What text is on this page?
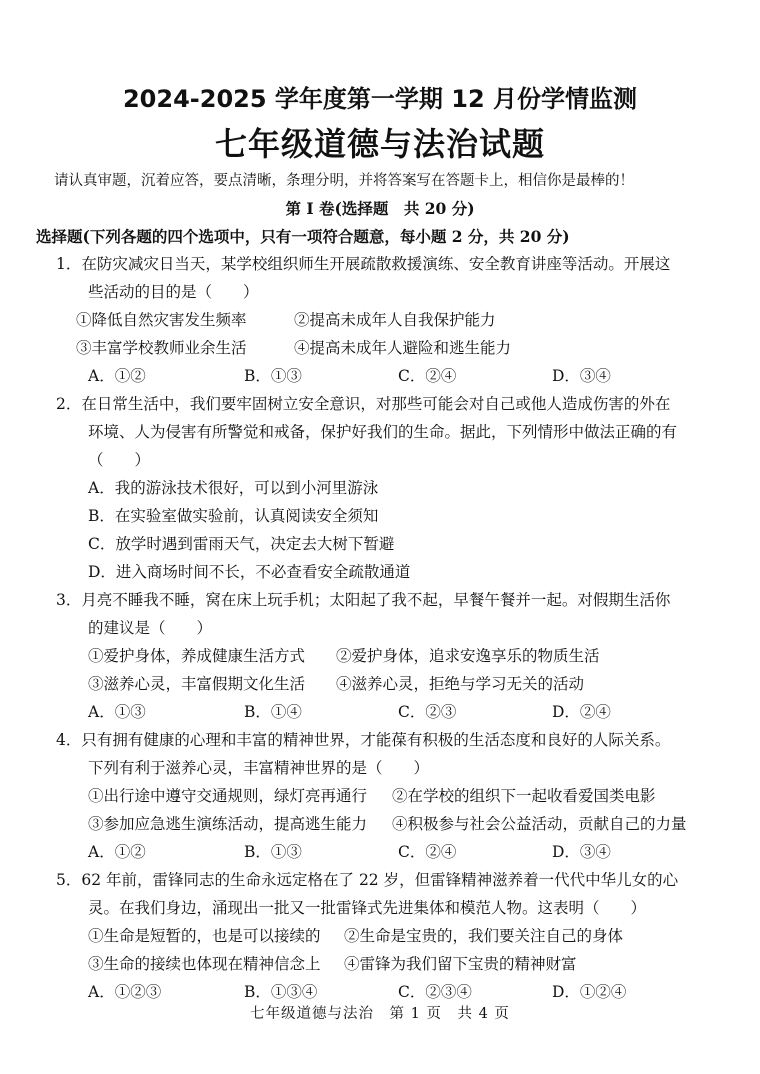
2024-2025 学年度第一学期 12 月份学情监测
七年级道德与法治试题
请认真审题，沉着应答，要点清晰，条理分明，并将答案写在答题卡上，相信你是最棒的！
第 I 卷(选择题　共 20 分)
选择题(下列各题的四个选项中，只有一项符合题意，每小题 2 分，共 20 分)
1．在防灾减灾日当天，某学校组织师生开展疏散救援演练、安全教育讲座等活动。开展这
些活动的目的是（　　）
①降低自然灾害发生频率	②提高未成年人自我保护能力
③丰富学校教师业余生活	④提高未成年人避险和逃生能力
A．①②	B．①③	C．②④	D．③④
2．在日常生活中，我们要牢固树立安全意识，对那些可能会对自己或他人造成伤害的外在
环境、人为侵害有所警觉和戒备，保护好我们的生命。据此，下列情形中做法正确的有
（　　）
A．我的游泳技术很好，可以到小河里游泳
B．在实验室做实验前，认真阅读安全须知
C．放学时遇到雷雨天气，决定去大树下暂避
D．进入商场时间不长，不必查看安全疏散通道
3．月亮不睡我不睡，窝在床上玩手机；太阳起了我不起，早餐午餐并一起。对假期生活你
的建议是（　　）
①爱护身体，养成健康生活方式 ②爱护身体，追求安逸享乐的物质生活
③滋养心灵，丰富假期文化生活 ④滋养心灵，拒绝与学习无关的活动
A．①③	B．①④	C．②③	D．②④
4．只有拥有健康的心理和丰富的精神世界，才能葆有积极的生活态度和良好的人际关系。
下列有利于滋养心灵，丰富精神世界的是（　　）
①出行途中遵守交通规则，绿灯亮再通行 ②在学校的组织下一起收看爱国类电影
③参加应急逃生演练活动，提高逃生能力 ④积极参与社会公益活动，贡献自己的力量
A．①②	B．①③	C．②④	D．③④
5．62 年前，雷锋同志的生命永远定格在了 22 岁，但雷锋精神滋养着一代代中华儿女的心
灵。在我们身边，涌现出一批又一批雷锋式先进集体和模范人物。这表明（　　）
①生命是短暂的，也是可以接续的 ②生命是宝贵的，我们要关注自己的身体
③生命的接续也体现在精神信念上 ④雷锋为我们留下宝贵的精神财富
A．①②③	B．①③④	C．②③④	D．①②④
七年级道德与法治　第 1 页　共 4 页
